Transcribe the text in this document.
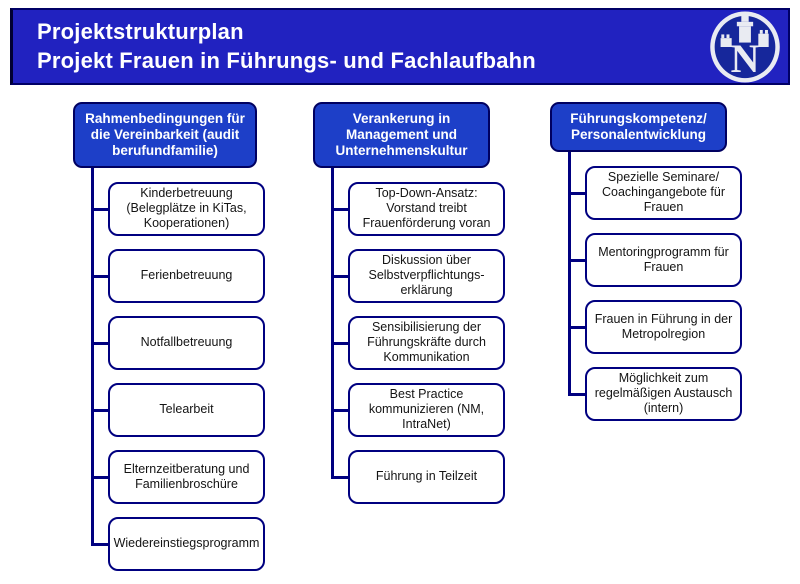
Projektstrukturplan
Projekt Frauen in Führungs- und Fachlaufbahn	N
Rahmenbedingungen für die Vereinbarkeit (audit berufundfamilie)
Kinderbetreuung (Belegplätze in KiTas, Kooperationen)
Ferienbetreuung
Notfallbetreuung
Telearbeit
Elternzeitberatung und Familienbroschüre
Wiedereinstiegsprogramm
Verankerung in Management und Unternehmenskultur
Top-Down-Ansatz: Vorstand treibt Frauenförderung voran
Diskussion über Selbstverpflichtungs-erklärung
Sensibilisierung der Führungskräfte durch Kommunikation
Best Practice kommunizieren (NM, IntraNet)
Führung in Teilzeit
Führungskompetenz/ Personalentwicklung
Spezielle Seminare/ Coachingangebote für Frauen
Mentoringprogramm für Frauen
Frauen in Führung in der Metropolregion
Möglichkeit zum regelmäßigen Austausch (intern)
